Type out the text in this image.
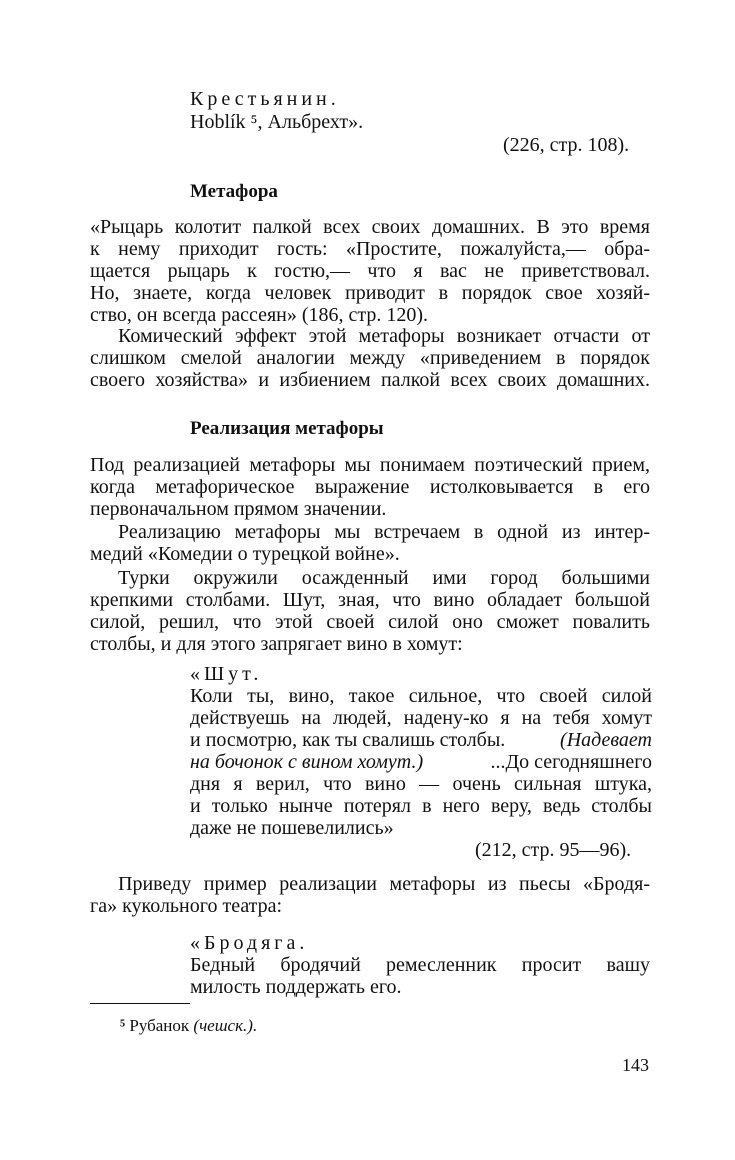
Крестьянин.
Hoblík ⁵, Альбрехт».
(226, стр. 108).
Метафора
«Рыцарь колотит палкой всех своих домашних. В это время
к нему приходит гость: «Простите, пожалуйста,— обра-
щается рыцарь к гостю,— что я вас не приветствовал.
Но, знаете, когда человек приводит в порядок свое хозяй-
ство, он всегда рассеян» (186, стр. 120).
Комический эффект этой метафоры возникает отчасти от
слишком смелой аналогии между «приведением в порядок
своего хозяйства» и избиением палкой всех своих домашних.
Реализация метафоры
Под реализацией метафоры мы понимаем поэтический прием,
когда метафорическое выражение истолковывается в его
первоначальном прямом значении.
Реализацию метафоры мы встречаем в одной из интер-
медий «Комедии о турецкой войне».
Турки окружили осажденный ими город большими
крепкими столбами. Шут, зная, что вино обладает большой
силой, решил, что этой своей силой оно сможет повалить
столбы, и для этого запрягает вино в хомут:
«Шут.
Коли ты, вино, такое сильное, что своей силой
действуешь на людей, надену-ко я на тебя хомут
и посмотрю, как ты свалишь столбы.	(Надевает
на бочонок с вином хомут.)	...До сегодняшнего
дня я верил, что вино — очень сильная штука,
и только нынче потерял в него веру, ведь столбы
даже не пошевелились»
(212, стр. 95—96).
Приведу пример реализации метафоры из пьесы «Бродя-
га» кукольного театра:
«Бродяга.
Бедный бродячий ремесленник просит вашу
милость поддержать его.
⁵ Рубанок (чешск.).
143
